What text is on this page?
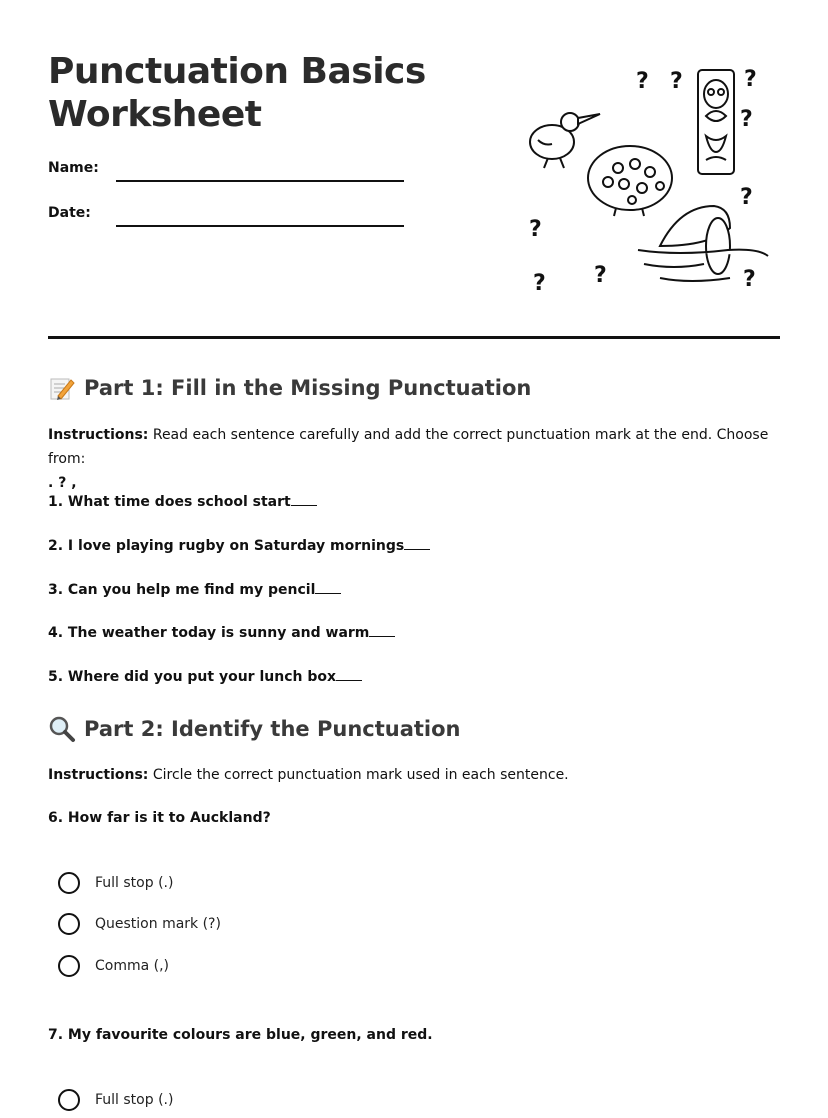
Punctuation Basics Worksheet
Name:
Date:
? ?	?
?
?
?
?
?	?
Part 1: Fill in the Missing Punctuation
Instructions: Read each sentence carefully and add the correct punctuation mark at the end. Choose from:
. ? ,
1. What time does school start
2. I love playing rugby on Saturday mornings
3. Can you help me find my pencil
4. The weather today is sunny and warm
5. Where did you put your lunch box
Part 2: Identify the Punctuation
Instructions: Circle the correct punctuation mark used in each sentence.
6. How far is it to Auckland?
Full stop (.)
Question mark (?)
Comma (,)
7. My favourite colours are blue, green, and red.
Full stop (.)
